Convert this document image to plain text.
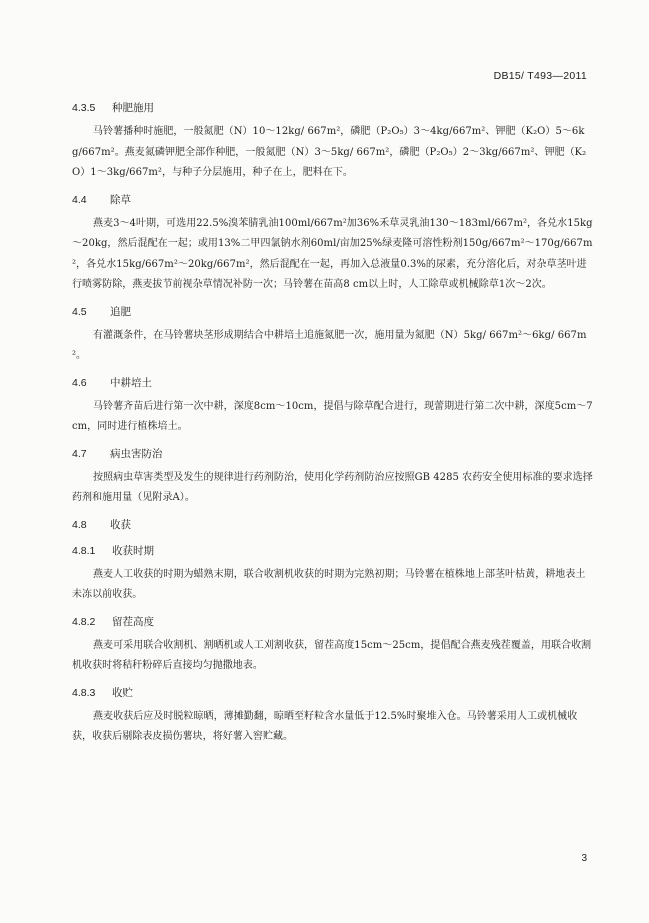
DB15/ T493—2011
4.3.5 种肥施用
马铃薯播种时施肥，一般氮肥（N）10～12kg/ 667m²，磷肥（P₂O₅）3～4kg/667m²、钾肥（K₂O）5～6kg/667m²。燕麦氮磷钾肥全部作种肥，一般氮肥（N）3～5kg/ 667m²，磷肥（P₂O₅）2～3kg/667m²、钾肥（K₂O）1～3kg/667m²，与种子分层施用，种子在上，肥料在下。
4.4 除草
燕麦3～4叶期，可选用22.5%溴苯腈乳油100ml/667m²加36%禾草灵乳油130～183ml/667m²，各兑水15kg～20kg，然后混配在一起；或用13%二甲四氯钠水剂60ml/亩加25%绿麦隆可溶性粉剂150g/667m²～170g/667m²，各兑水15kg/667m²～20kg/667m²，然后混配在一起，再加入总液量0.3%的尿素，充分溶化后，对杂草茎叶进行喷雾防除，燕麦拔节前视杂草情况补防一次；马铃薯在苗高8 cm以上时，人工除草或机械除草1次～2次。
4.5 追肥
有灌溉条件，在马铃薯块茎形成期结合中耕培土追施氮肥一次，施用量为氮肥（N）5kg/ 667m²～6kg/ 667m²。
4.6 中耕培土
马铃薯齐苗后进行第一次中耕，深度8cm～10cm，提倡与除草配合进行，现蕾期进行第二次中耕，深度5cm～7cm，同时进行植株培土。
4.7 病虫害防治
按照病虫草害类型及发生的规律进行药剂防治，使用化学药剂防治应按照GB 4285 农药安全使用标准的要求选择药剂和施用量（见附录A）。
4.8 收获
4.8.1 收获时期
燕麦人工收获的时期为蜡熟末期，联合收割机收获的时期为完熟初期；马铃薯在植株地上部茎叶枯黄，耕地表土未冻以前收获。
4.8.2 留茬高度
燕麦可采用联合收割机、割晒机或人工刈割收获，留茬高度15cm～25cm，提倡配合燕麦残茬覆盖，用联合收割机收获时将秸秆粉碎后直接均匀抛撒地表。
4.8.3 收贮
燕麦收获后应及时脱粒晾晒，薄摊勤翻，晾晒至籽粒含水量低于12.5%时聚堆入仓。马铃薯采用人工或机械收获，收获后剔除表皮损伤薯块，将好薯入窖贮藏。
3
